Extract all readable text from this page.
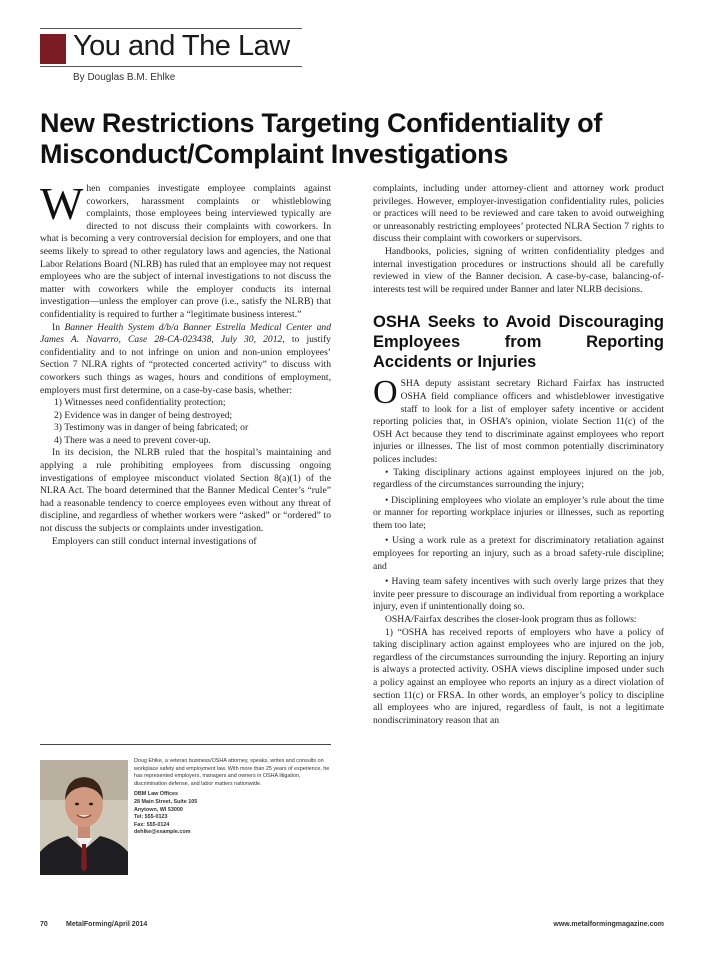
You and The Law

By Douglas B.M. Ehlke

New Restrictions Targeting Confidentiality of Misconduct/Complaint Investigations

When companies investigate employee complaints against coworkers, harassment complaints or whistleblowing complaints, those employees being interviewed typically are directed to not discuss their complaints with coworkers. In what is becoming a very controversial decision for employers, and one that seems likely to spread to other regulatory laws and agencies, the National Labor Relations Board (NLRB) has ruled that an employee may not request employees who are the subject of internal investigations to not discuss the matter with coworkers while the employer conducts its internal investigation—unless the employer can prove (i.e., satisfy the NLRB) that confidentiality is required to further a “legitimate business interest.”

In Banner Health System d/b/a Banner Estrella Medical Center and James A. Navarro, Case 28-CA-023438, July 30, 2012, to justify confidentiality and to not infringe on union and non-union employees’ Section 7 NLRA rights of “protected concerted activity” to discuss with coworkers such things as wages, hours and conditions of employment, employers must first determine, on a case-by-case basis, whether:

1) Witnesses need confidentiality protection;
2) Evidence was in danger of being destroyed;
3) Testimony was in danger of being fabricated; or
4) There was a need to prevent cover-up.

In its decision, the NLRB ruled that the hospital’s maintaining and applying a rule prohibiting employees from discussing ongoing investigations of employee misconduct violated Section 8(a)(1) of the NLRA Act. The board determined that the Banner Medical Center’s “rule” had a reasonable tendency to coerce employees even without any threat of discipline, and regardless of whether workers were “asked” or “ordered” to not discuss the subjects or complaints under investigation.

Employers can still conduct internal investigations of

Doug Ehlke, a veteran business/OSHA attorney, speaks, writes and consults on workplace safety and employment law. With more than 25 years of experience, he has represented employers, managers and owners in OSHA litigation, discrimination defense, and labor matters nationwide.

DBM Law Offices
28 Main Street, Suite 105
Anytown, WI 53000
Tel: 555-0123
Fax: 555-0124
dehlke@example.com

complaints, including under attorney-client and attorney work product privileges. However, employer-investigation confidentiality rules, policies or practices will need to be reviewed and care taken to avoid outweighing or unreasonably restricting employees’ protected NLRA Section 7 rights to discuss their complaint with coworkers or supervisors.

Handbooks, policies, signing of written confidentiality pledges and internal investigation procedures or instructions should all be carefully reviewed in view of the Banner decision. A case-by-case, balancing-of-interests test will be required under Banner and later NLRB decisions.

OSHA Seeks to Avoid Discouraging Employees from Reporting Accidents or Injuries

OSHA deputy assistant secretary Richard Fairfax has instructed OSHA field compliance officers and whistleblower investigative staff to look for a list of employer safety incentive or accident reporting policies that, in OSHA’s opinion, violate Section 11(c) of the OSH Act because they tend to discriminate against employees who report injuries or illnesses. The list of most common potentially discriminatory polices includes:

• Taking disciplinary actions against employees injured on the job, regardless of the circumstances surrounding the injury;

• Disciplining employees who violate an employer’s rule about the time or manner for reporting workplace injuries or illnesses, such as reporting them too late;

• Using a work rule as a pretext for discriminatory retaliation against employees for reporting an injury, such as a broad safety-rule discipline; and

• Having team safety incentives with such overly large prizes that they invite peer pressure to discourage an individual from reporting a workplace injury, even if unintentionally doing so.

OSHA/Fairfax describes the closer-look program thus as follows:

1) “OSHA has received reports of employers who have a policy of taking disciplinary action against employees who are injured on the job, regardless of the circumstances surrounding the injury. Reporting an injury is always a protected activity. OSHA views discipline imposed under such a policy against an employee who reports an injury as a direct violation of section 11(c) or FRSA. In other words, an employer’s policy to discipline all employees who are injured, regardless of fault, is not a legitimate nondiscriminatory reason that an

70	MetalForming/April 2014	www.metalformingmagazine.com
